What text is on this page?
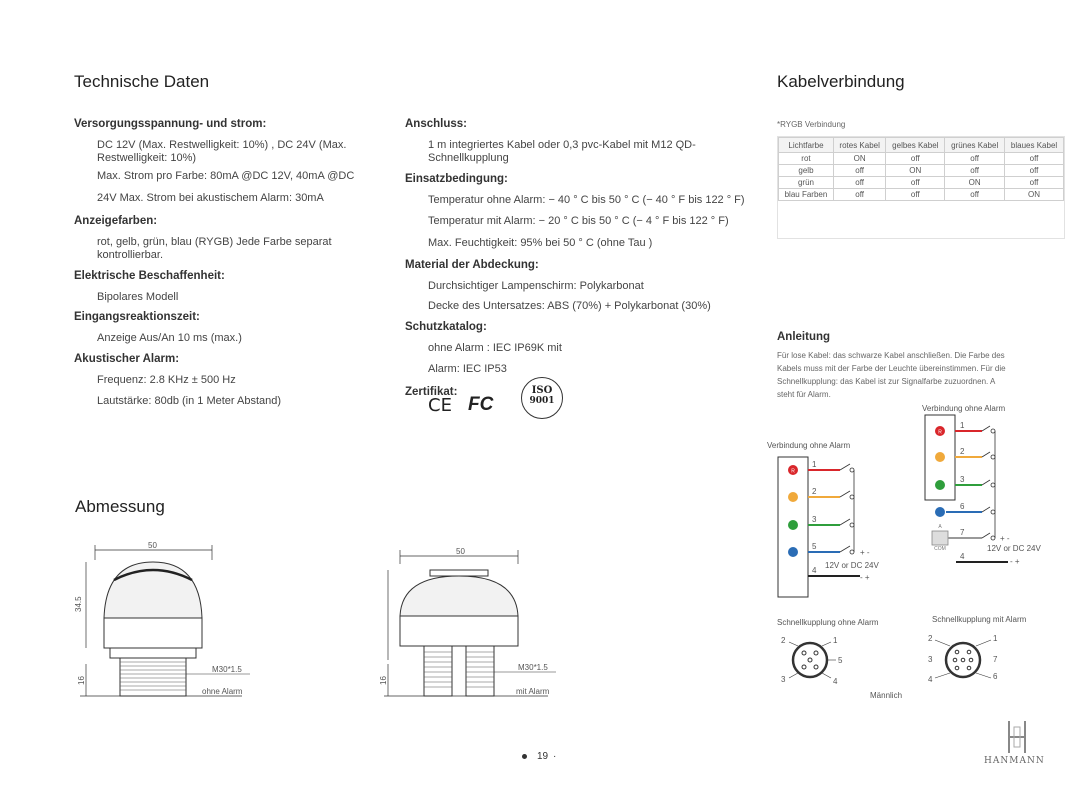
Technische Daten	Kabelverbindung
Abmessung
Versorgungsspannung- und strom:
DC 12V (Max. Restwelligkeit: 10%) , DC 24V (Max.
Restwelligkeit: 10%)
Max. Strom pro Farbe: 80mA @DC 12V, 40mA @DC
24V Max. Strom bei akustischem Alarm: 30mA
Anzeigefarben:
rot, gelb, grün, blau (RYGB) Jede Farbe separat
kontrollierbar.
Elektrische Beschaffenheit:
Bipolares Modell
Eingangsreaktionszeit:
Anzeige Aus/An 10 ms (max.)
Akustischer Alarm:
Frequenz: 2.8 KHz ± 500 Hz
Lautstärke: 80db (in 1 Meter Abstand)
Anschluss:
1 m integriertes Kabel oder 0,3 pvc-Kabel mit M12 QD-
Schnellkupplung
Einsatzbedingung:
Temperatur ohne Alarm: − 40 ° C bis 50 ° C (− 40 ° F bis 122 ° F)
Temperatur mit Alarm: − 20 ° C bis 50 ° C (− 4 ° F bis 122 ° F)
Max. Feuchtigkeit: 95% bei 50 ° C (ohne Tau )
Material der Abdeckung:
Durchsichtiger Lampenschirm: Polykarbonat
Decke des Untersatzes: ABS (70%) + Polykarbonat (30%)
Schutzkatalog:
ohne Alarm : IEC IP69K mit
Alarm: IEC IP53
Zertifikat:
CE FC
ISO
9001
*RYGB Verbindung
Lichtfarbe	rotes Kabel	gelbes Kabel	grünes Kabel	blaues Kabel
rot	ON	off	off	off
gelb	off	ON	off	off
grün	off	off	ON	off
blau Farben	off	off	off	ON
Anleitung
Für lose Kabel: das schwarze Kabel anschließen. Die Farbe des
Kabels muss mit der Farbe der Leuchte übereinstimmen. Für die
Schnellkupplung: das Kabel ist zur Signalfarbe zuzuordnen. A
steht für Alarm.
Verbindung ohne Alarm
R
1
2
3
5
+ -
12V or DC 24V
4
- +
Verbindung ohne Alarm
R
A
COM
1
2
3
6
7
+ -
12V or DC 24V
4
- +
Schnellkupplung ohne Alarm	Schnellkupplung mit Alarm
2	1
5
3	4
2	1
3	7
4	6
Männlich
50
34.5
16
M30*1.5
ohne Alarm
50
16
M30*1.5
mit Alarm
19 ·	HANMANN
